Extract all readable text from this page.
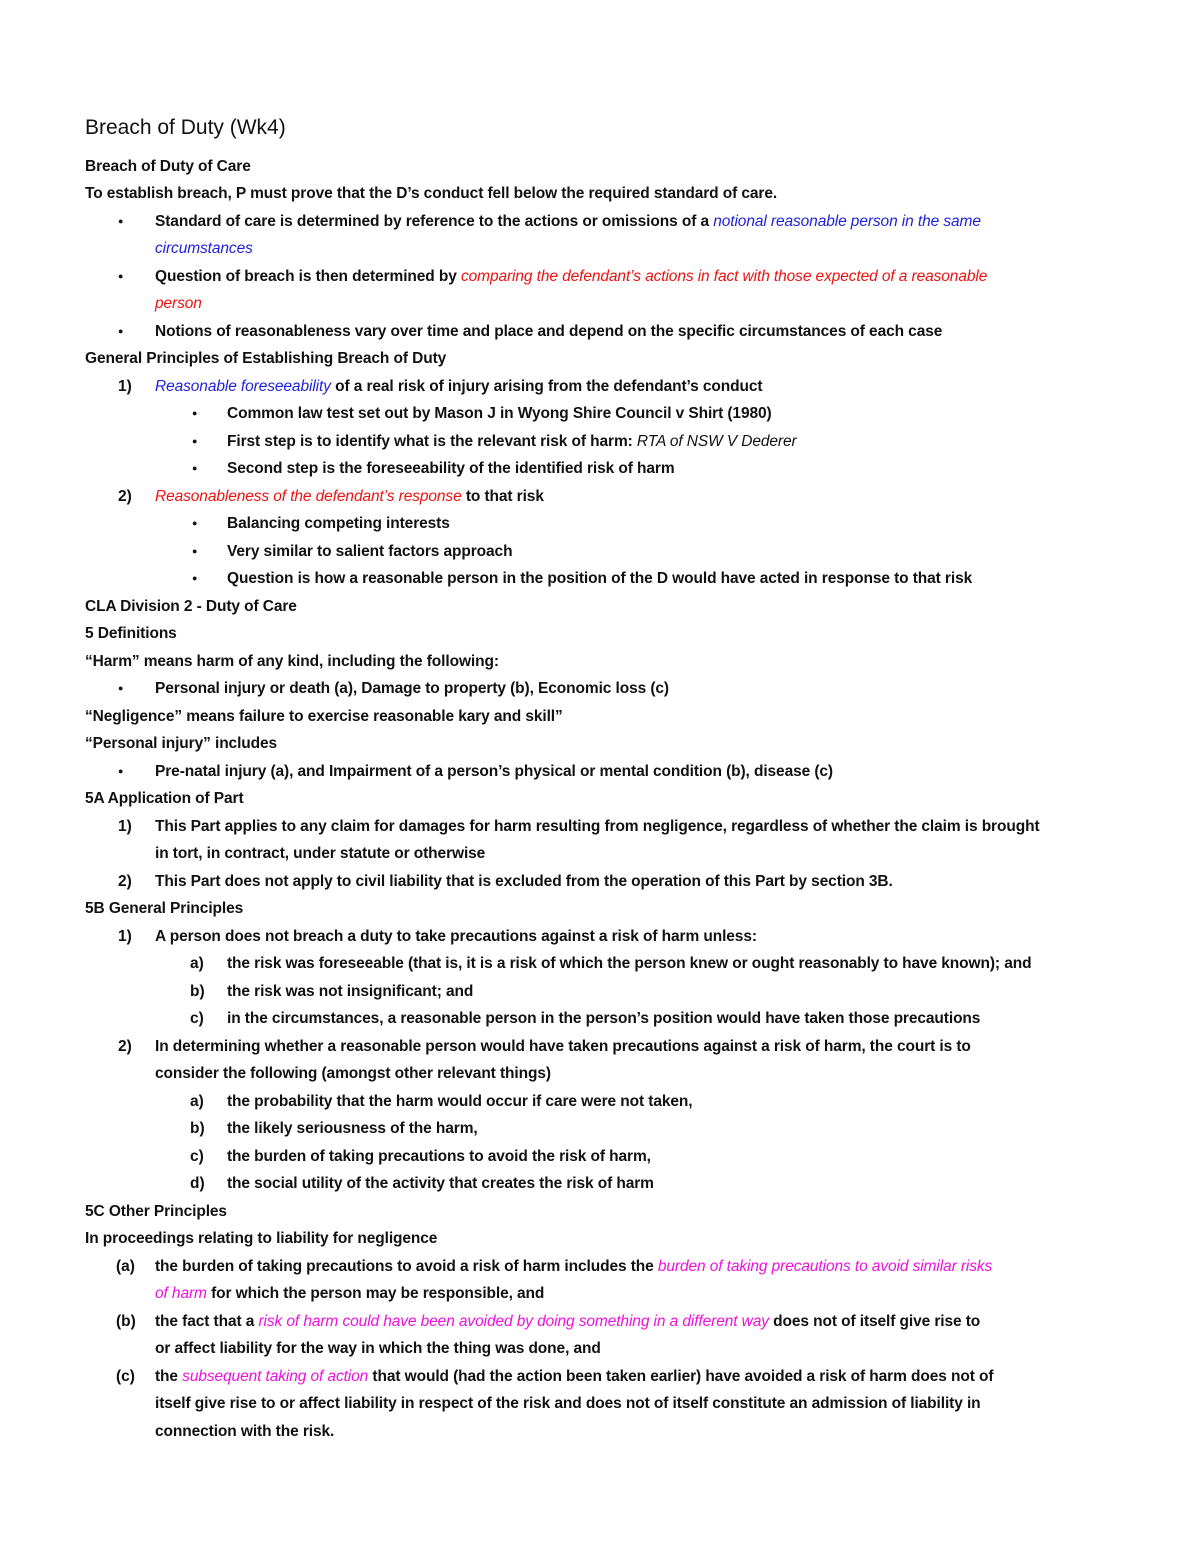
Breach of Duty (Wk4)
Breach of Duty of Care
To establish breach, P must prove that the D’s conduct fell below the required standard of care.
● Standard of care is determined by reference to the actions or omissions of a notional reasonable person in the same
circumstances
● Question of breach is then determined by comparing the defendant’s actions in fact with those expected of a reasonable
person
● Notions of reasonableness vary over time and place and depend on the specific circumstances of each case
General Principles of Establishing Breach of Duty
1) Reasonable foreseeability of a real risk of injury arising from the defendant’s conduct
● Common law test set out by Mason J in Wyong Shire Council v Shirt (1980)
● First step is to identify what is the relevant risk of harm: RTA of NSW V Dederer
● Second step is the foreseeability of the identified risk of harm
2) Reasonableness of the defendant’s response to that risk
● Balancing competing interests
● Very similar to salient factors approach
● Question is how a reasonable person in the position of the D would have acted in response to that risk
CLA Division 2 - Duty of Care
5 Definitions
“Harm” means harm of any kind, including the following:
● Personal injury or death (a), Damage to property (b), Economic loss (c)
“Negligence” means failure to exercise reasonable kary and skill”
“Personal injury” includes
● Pre-natal injury (a), and Impairment of a person’s physical or mental condition (b), disease (c)
5A Application of Part
1) This Part applies to any claim for damages for harm resulting from negligence, regardless of whether the claim is brought
in tort, in contract, under statute or otherwise
2) This Part does not apply to civil liability that is excluded from the operation of this Part by section 3B.
5B General Principles
1) A person does not breach a duty to take precautions against a risk of harm unless:
a) the risk was foreseeable (that is, it is a risk of which the person knew or ought reasonably to have known); and
b) the risk was not insignificant; and
c) in the circumstances, a reasonable person in the person’s position would have taken those precautions
2) In determining whether a reasonable person would have taken precautions against a risk of harm, the court is to
consider the following (amongst other relevant things)
a) the probability that the harm would occur if care were not taken,
b) the likely seriousness of the harm,
c) the burden of taking precautions to avoid the risk of harm,
d) the social utility of the activity that creates the risk of harm
5C Other Principles
In proceedings relating to liability for negligence
(a) the burden of taking precautions to avoid a risk of harm includes the burden of taking precautions to avoid similar risks
of harm for which the person may be responsible, and
(b) the fact that a risk of harm could have been avoided by doing something in a different way does not of itself give rise to
or affect liability for the way in which the thing was done, and
(c) the subsequent taking of action that would (had the action been taken earlier) have avoided a risk of harm does not of
itself give rise to or affect liability in respect of the risk and does not of itself constitute an admission of liability in
connection with the risk.
